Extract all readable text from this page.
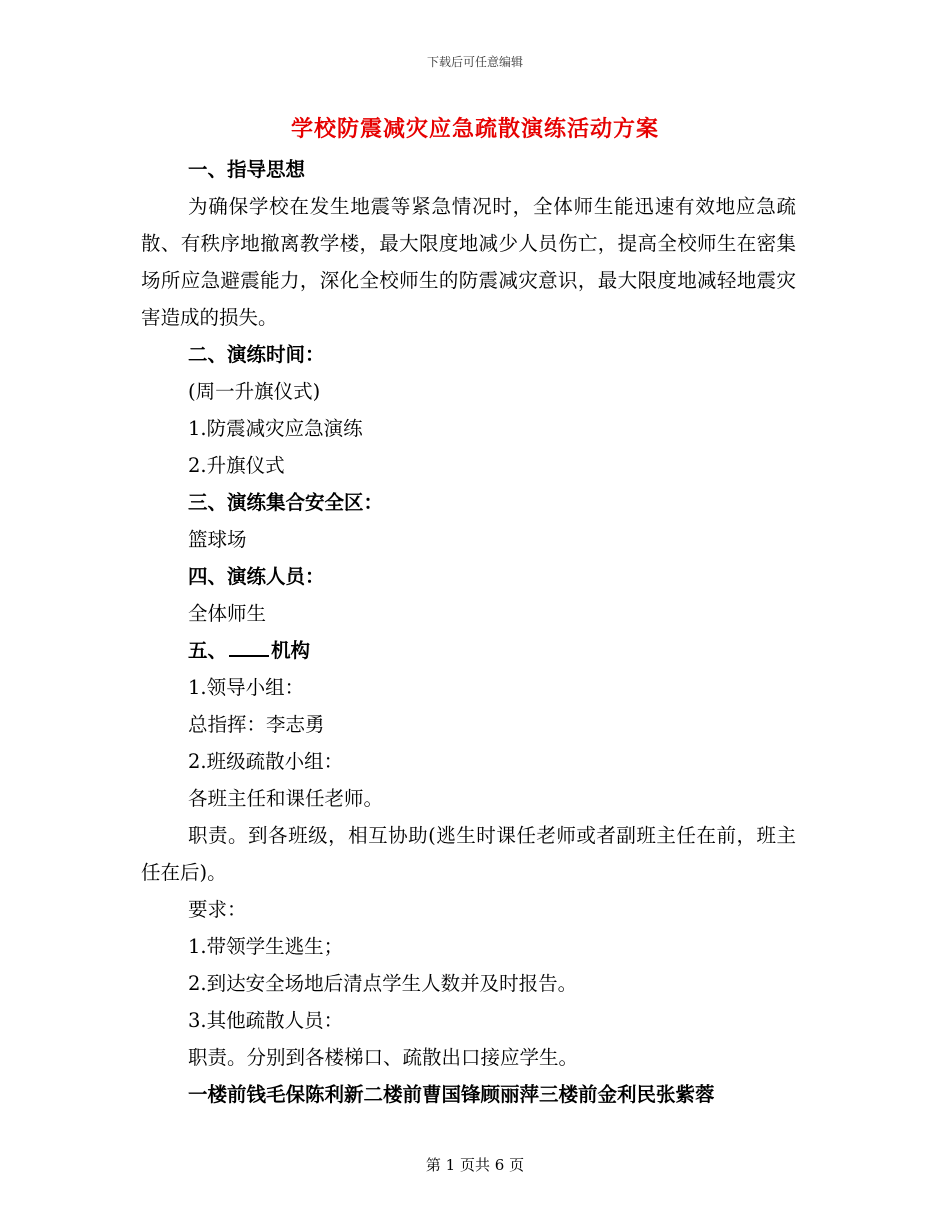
下载后可任意编辑
学校防震减灾应急疏散演练活动方案

一、指导思想

为确保学校在发生地震等紧急情况时，全体师生能迅速有效地应急疏散、有秩序地撤离教学楼，最大限度地减少人员伤亡，提高全校师生在密集场所应急避震能力，深化全校师生的防震减灾意识，最大限度地减轻地震灾害造成的损失。

二、演练时间：

(周一升旗仪式)

1.防震减灾应急演练

2.升旗仪式

三、演练集合安全区：

篮球场

四、演练人员：

全体师生

五、 机构

1.领导小组：

总指挥：李志勇

2.班级疏散小组：

各班主任和课任老师。

职责。到各班级，相互协助(逃生时课任老师或者副班主任在前，班主任在后)。

要求：

1.带领学生逃生；

2.到达安全场地后清点学生人数并及时报告。

3.其他疏散人员：

职责。分别到各楼梯口、疏散出口接应学生。

一楼前钱毛保陈利新二楼前曹国锋顾丽萍三楼前金利民张紫蓉

第 1 页共 6 页
